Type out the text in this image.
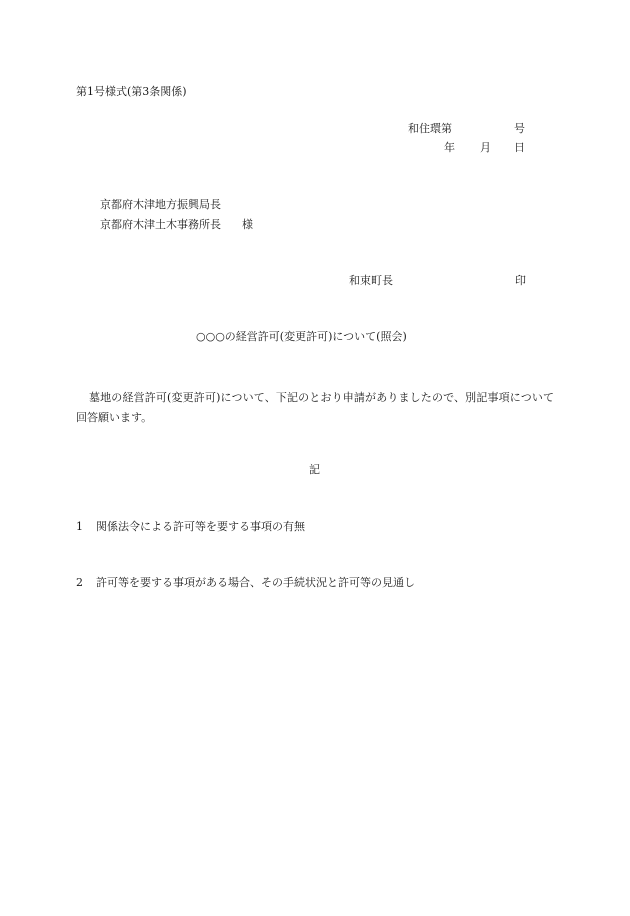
第1号様式(第3条関係)
和住環第	号
年 月 日
京都府木津地方振興局長
京都府木津土木事務所長 様
和束町長	印
○○○の経営許可(変更許可)について(照会)
墓地の経営許可(変更許可)について、下記のとおり申請がありましたので、別記事項について回答願います。
記
1 関係法令による許可等を要する事項の有無
2 許可等を要する事項がある場合、その手続状況と許可等の見通し
